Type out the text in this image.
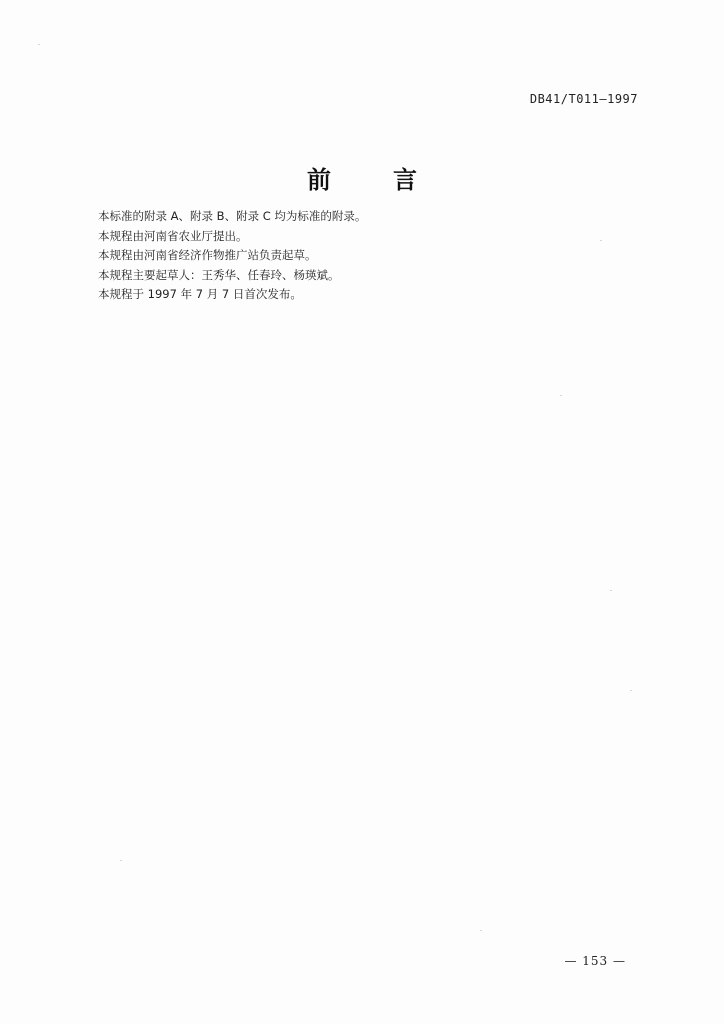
DB41/T011—1997
前	言

本标准的附录 A、附录 B、附录 C 均为标准的附录。

本规程由河南省农业厅提出。

本规程由河南省经济作物推广站负责起草。

本规程主要起草人：王秀华、任春玲、杨瑛斌。

本规程于 1997 年 7 月 7 日首次发布。

— 153 —
